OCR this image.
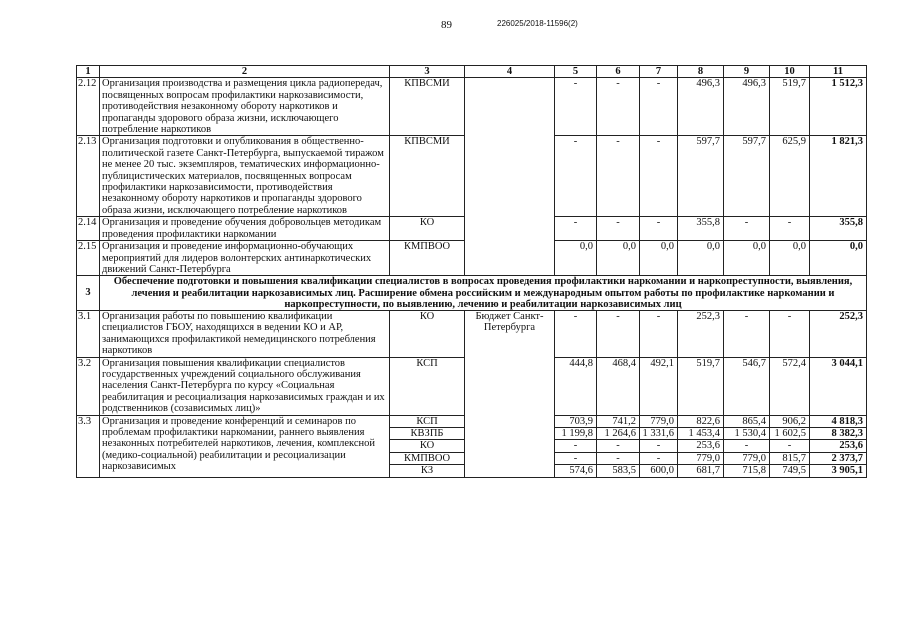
89	226025/2018-11596(2)
1	2	3	4	5	6	7	8	9	10	11
2.12	Организация производства и размещения цикла радиопередач, посвященных вопросам профилактики наркозависимости, противодействия незаконному обороту наркотиков и пропаганды здорового образа жизни, исключающего потребление наркотиков	КПВСМИ		-	-	-	496,3	496,3	519,7	1 512,3
2.13	Организация подготовки и опубликования в общественно-политической газете Санкт-Петербурга, выпускаемой тиражом не менее 20 тыс. экземпляров, тематических информационно-публицистических материалов, посвященных вопросам профилактики наркозависимости, противодействия незаконному обороту наркотиков и пропаганды здорового образа жизни, исключающего потребление наркотиков	КПВСМИ		-	-	-	597,7	597,7	625,9	1 821,3
2.14	Организация и проведение обучения добровольцев методикам проведения профилактики наркомании	КО		-	-	-	355,8	-	-	355,8
2.15	Организация и проведение информационно-обучающих мероприятий для лидеров волонтерских антинаркотических движений Санкт-Петербурга	КМПВОО		0,0	0,0	0,0	0,0	0,0	0,0	0,0
3	Обеспечение подготовки и повышения квалификации специалистов в вопросах проведения профилактики наркомании и наркопреступности, выявления, лечения и реабилитации наркозависимых лиц. Расширение обмена российским и международным опытом работы по профилактике наркомании и наркопреступности, по выявлению, лечению и реабилитации наркозависимых лиц									
3.1	Организация работы по повышению квалификации специалистов ГБОУ, находящихся в ведении КО и АР, занимающихся профилактикой немедицинского потребления наркотиков	КО	Бюджет Санкт-Петербурга	-	-	-	252,3	-	-	252,3
3.2	Организация повышения квалификации специалистов государственных учреждений социального обслуживания населения Санкт-Петербурга по курсу «Социальная реабилитация и ресоциализация наркозависимых граждан и их родственников (созависимых лиц)»	КСП		444,8	468,4	492,1	519,7	546,7	572,4	3 044,1
3.3	Организация и проведение конференций и семинаров по проблемам профилактики наркомании, раннего выявления незаконных потребителей наркотиков, лечения, комплексной (медико-социальной) реабилитации и ресоциализации наркозависимых	КСП		703,9	741,2	779,0	822,6	865,4	906,2	4 818,3
		КВЗПБ		1 199,8	1 264,6	1 331,6	1 453,4	1 530,4	1 602,5	8 382,3
		КО		-	-	-	253,6	-	-	253,6
		КМПВОО		-	-	-	779,0	779,0	815,7	2 373,7
		КЗ		574,6	583,5	600,0	681,7	715,8	749,5	3 905,1
